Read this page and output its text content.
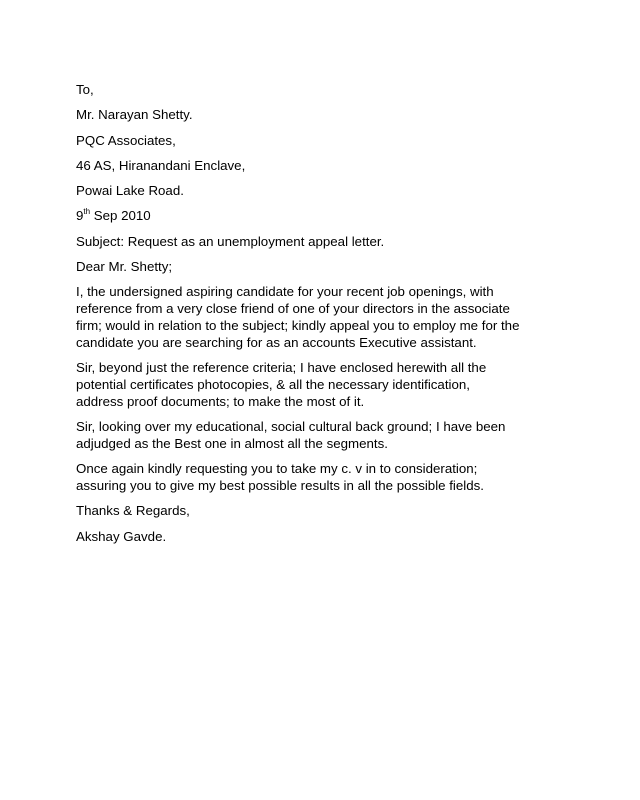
To,
Mr. Narayan Shetty.
PQC Associates,
46 AS, Hiranandani Enclave,
Powai Lake Road.
9th Sep 2010
Subject: Request as an unemployment appeal letter.
Dear Mr. Shetty;
I, the undersigned aspiring candidate for your recent job openings, with
reference from a very close friend of one of your directors in the associate
firm; would in relation to the subject; kindly appeal you to employ me for the
candidate you are searching for as an accounts Executive assistant.
Sir, beyond just the reference criteria; I have enclosed herewith all the
potential certificates photocopies, & all the necessary identification,
address proof documents; to make the most of it.
Sir, looking over my educational, social cultural back ground; I have been
adjudged as the Best one in almost all the segments.
Once again kindly requesting you to take my c. v in to consideration;
assuring you to give my best possible results in all the possible fields.
Thanks & Regards,
Akshay Gavde.
